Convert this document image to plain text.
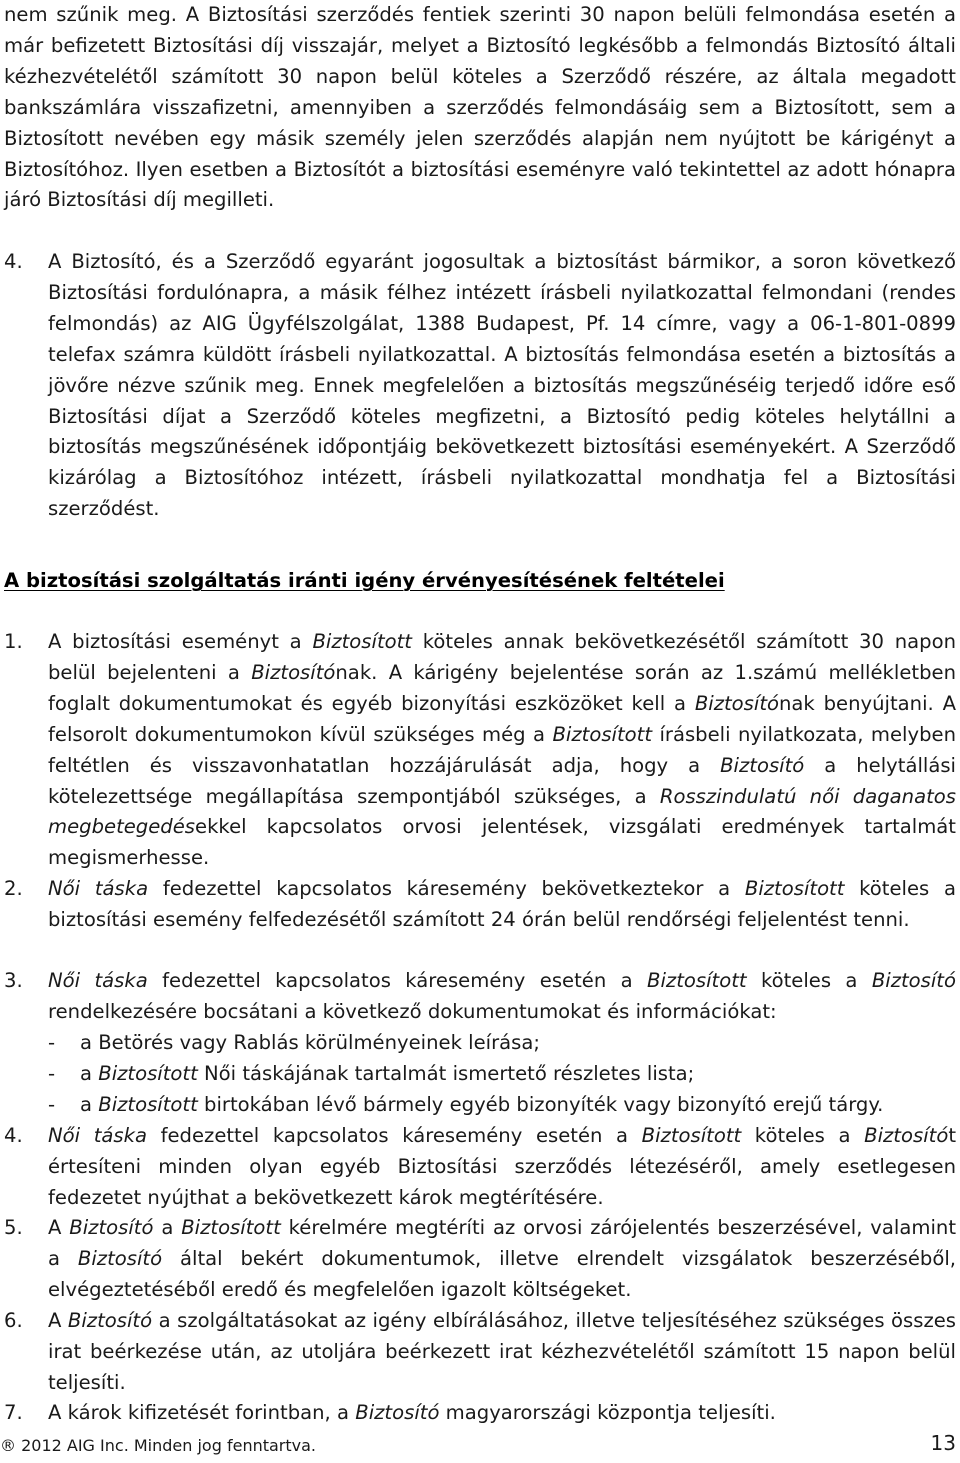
nem szűnik meg. A Biztosítási szerződés fentiek szerinti 30 napon belüli felmondása esetén a már befizetett Biztosítási díj visszajár, melyet a Biztosító legkésőbb a felmondás Biztosító általi kézhezvételétől számított 30 napon belül köteles a Szerződő részére, az általa megadott bankszámlára visszafizetni, amennyiben a szerződés felmondásáig sem a Biztosított, sem a Biztosított nevében egy másik személy jelen szerződés alapján nem nyújtott be kárigényt a Biztosítóhoz. Ilyen esetben a Biztosítót a biztosítási eseményre való tekintettel az adott hónapra járó Biztosítási díj megilleti.

4. A Biztosító, és a Szerződő egyaránt jogosultak a biztosítást bármikor, a soron következő Biztosítási fordulónapra, a másik félhez intézett írásbeli nyilatkozattal felmondani (rendes felmondás) az AIG Ügyfélszolgálat, 1388 Budapest, Pf. 14 címre, vagy a 06-1-801-0899 telefax számra küldött írásbeli nyilatkozattal. A biztosítás felmondása esetén a biztosítás a jövőre nézve szűnik meg. Ennek megfelelően a biztosítás megszűnéséig terjedő időre eső Biztosítási díjat a Szerződő köteles megfizetni, a Biztosító pedig köteles helytállni a biztosítás megszűnésének időpontjáig bekövetkezett biztosítási eseményekért. A Szerződő kizárólag a Biztosítóhoz intézett, írásbeli nyilatkozattal mondhatja fel a Biztosítási szerződést.

A biztosítási szolgáltatás iránti igény érvényesítésének feltételei
1. A biztosítási eseményt a Biztosított köteles annak bekövetkezésétől számított 30 napon belül bejelenteni a Biztosítónak. A kárigény bejelentése során az 1.számú mellékletben foglalt dokumentumokat és egyéb bizonyítási eszközöket kell a Biztosítónak benyújtani. A felsorolt dokumentumokon kívül szükséges még a Biztosított írásbeli nyilatkozata, melyben feltétlen és visszavonhatatlan hozzájárulását adja, hogy a Biztosító a helytállási kötelezettsége megállapítása szempontjából szükséges, a Rosszindulatú női daganatos megbetegedésekkel kapcsolatos orvosi jelentések, vizsgálati eredmények tartalmát megismerhesse.

2. Női táska fedezettel kapcsolatos káresemény bekövetkeztekor a Biztosított köteles a biztosítási esemény felfedezésétől számított 24 órán belül rendőrségi feljelentést tenni.

3. Női táska fedezettel kapcsolatos káresemény esetén a Biztosított köteles a Biztosító rendelkezésére bocsátani a következő dokumentumokat és információkat:

- a Betörés vagy Rablás körülményeinek leírása;

- a Biztosított Női táskájának tartalmát ismertető részletes lista;

- a Biztosított birtokában lévő bármely egyéb bizonyíték vagy bizonyító erejű tárgy.

4. Női táska fedezettel kapcsolatos káresemény esetén a Biztosított köteles a Biztosítót értesíteni minden olyan egyéb Biztosítási szerződés létezéséről, amely esetlegesen fedezetet nyújthat a bekövetkezett károk megtérítésére.

5. A Biztosító a Biztosított kérelmére megtéríti az orvosi zárójelentés beszerzésével, valamint a Biztosító által bekért dokumentumok, illetve elrendelt vizsgálatok beszerzéséből, elvégeztetéséből eredő és megfelelően igazolt költségeket.

6. A Biztosító a szolgáltatásokat az igény elbírálásához, illetve teljesítéséhez szükséges összes irat beérkezése után, az utoljára beérkezett irat kézhezvételétől számított 15 napon belül teljesíti.

7. A károk kifizetését forintban, a Biztosító magyarországi központja teljesíti.

® 2012 AIG Inc. Minden jog fenntartva.	13
